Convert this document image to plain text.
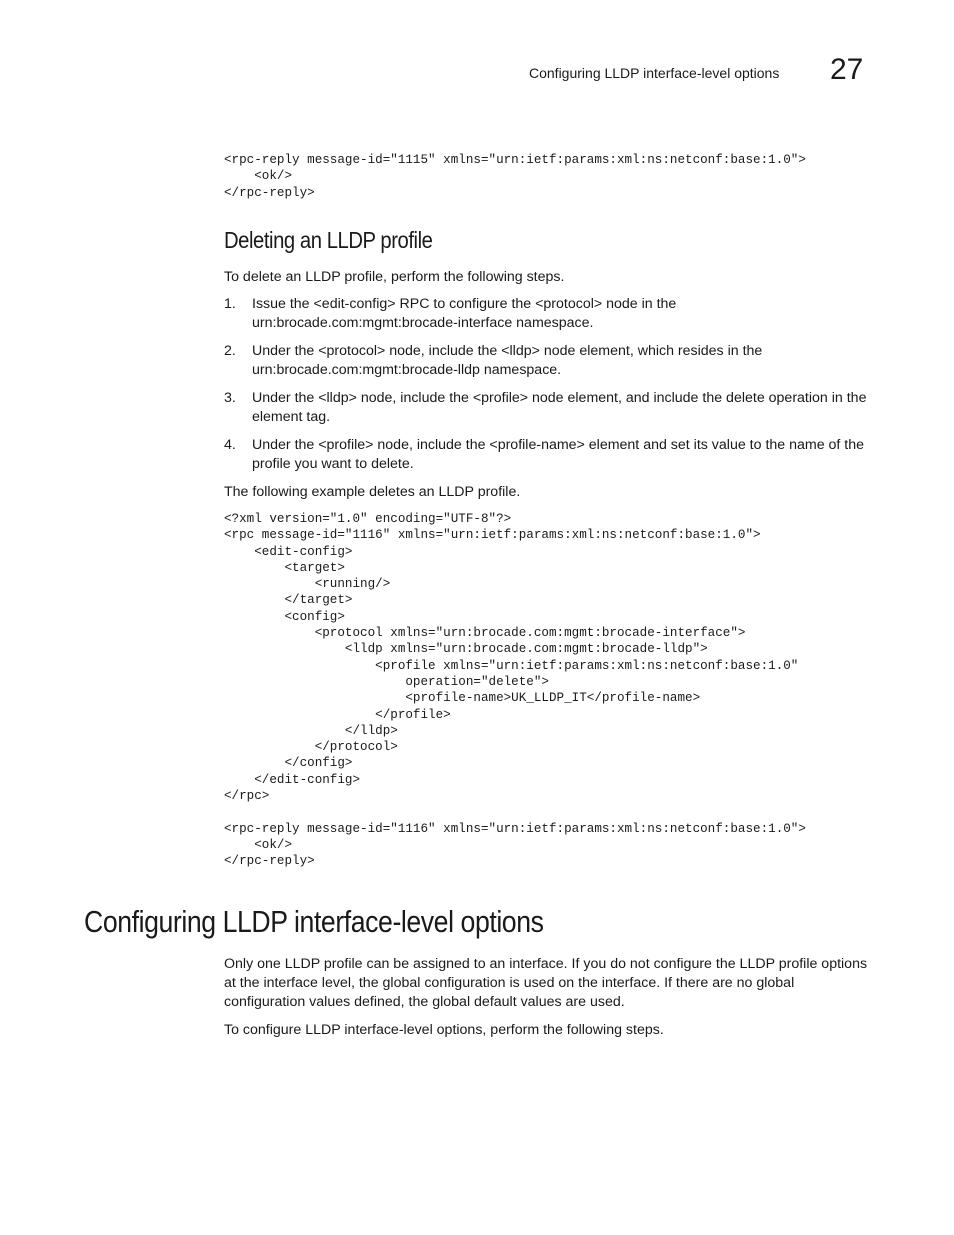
Configuring LLDP interface-level options 27
<rpc-reply message-id="1115" xmlns="urn:ietf:params:xml:ns:netconf:base:1.0">
<ok/>
</rpc-reply>
Deleting an LLDP profile

To delete an LLDP profile, perform the following steps.

1. Issue the <edit-config> RPC to configure the <protocol> node in the urn:brocade.com:mgmt:brocade-interface namespace.
2. Under the <protocol> node, include the <lldp> node element, which resides in the urn:brocade.com:mgmt:brocade-lldp namespace.
3. Under the <lldp> node, include the <profile> node element, and include the delete operation in the element tag.
4. Under the <profile> node, include the <profile-name> element and set its value to the name of the profile you want to delete.

The following example deletes an LLDP profile.

<?xml version="1.0" encoding="UTF-8"?>
<rpc message-id="1116" xmlns="urn:ietf:params:xml:ns:netconf:base:1.0">
<edit-config>
<target>
<running/>
</target>
<config>
<protocol xmlns="urn:brocade.com:mgmt:brocade-interface">
<lldp xmlns="urn:brocade.com:mgmt:brocade-lldp">
<profile xmlns="urn:ietf:params:xml:ns:netconf:base:1.0"
operation="delete">
<profile-name>UK_LLDP_IT</profile-name>
</profile>
</lldp>
</protocol>
</config>
</edit-config>
</rpc>

<rpc-reply message-id="1116" xmlns="urn:ietf:params:xml:ns:netconf:base:1.0">
<ok/>
</rpc-reply>
Configuring LLDP interface-level options

Only one LLDP profile can be assigned to an interface. If you do not configure the LLDP profile options at the interface level, the global configuration is used on the interface. If there are no global configuration values defined, the global default values are used.

To configure LLDP interface-level options, perform the following steps.
